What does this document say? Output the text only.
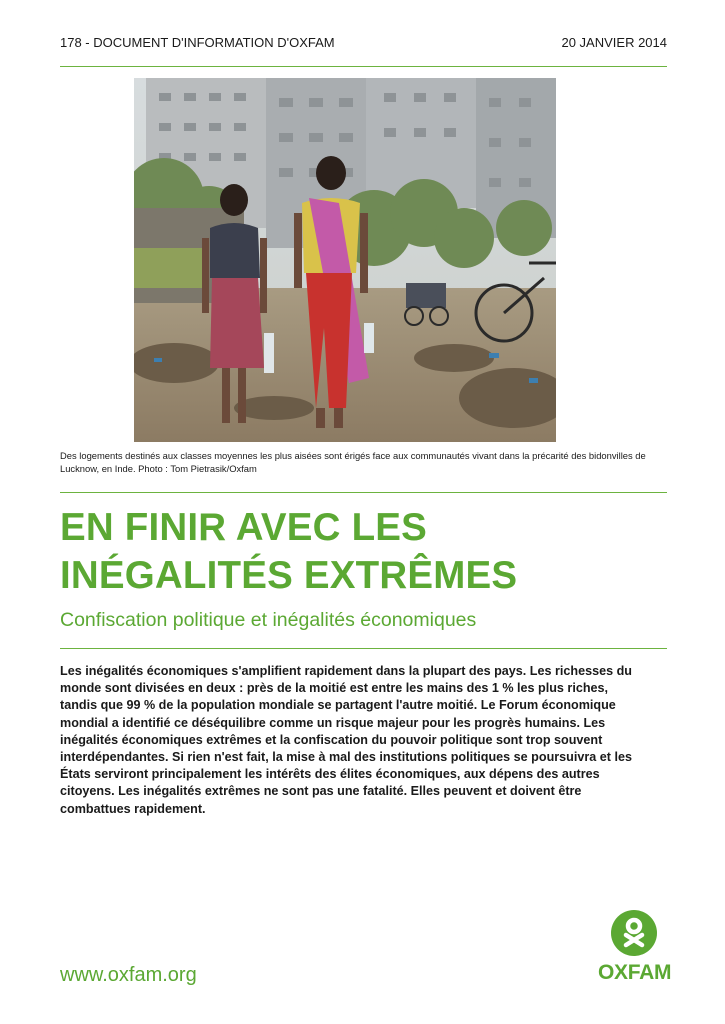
178 - DOCUMENT D'INFORMATION D'OXFAM	20 JANVIER 2014
Des logements destinés aux classes moyennes les plus aisées sont érigés face aux communautés vivant dans la précarité des bidonvilles de Lucknow, en Inde. Photo : Tom Pietrasik/Oxfam
EN FINIR AVEC LES
INÉGALITÉS EXTRÊMES
Confiscation politique et inégalités économiques

Les inégalités économiques s'amplifient rapidement dans la plupart des pays. Les richesses du monde sont divisées en deux : près de la moitié est entre les mains des 1 % les plus riches, tandis que 99 % de la population mondiale se partagent l'autre moitié. Le Forum économique mondial a identifié ce déséquilibre comme un risque majeur pour les progrès humains. Les inégalités économiques extrêmes et la confiscation du pouvoir politique sont trop souvent interdépendantes. Si rien n'est fait, la mise à mal des institutions politiques se poursuivra et les États serviront principalement les intérêts des élites économiques, aux dépens des autres citoyens. Les inégalités extrêmes ne sont pas une fatalité. Elles peuvent et doivent être combattues rapidement.

www.oxfam.org	OXFAM
